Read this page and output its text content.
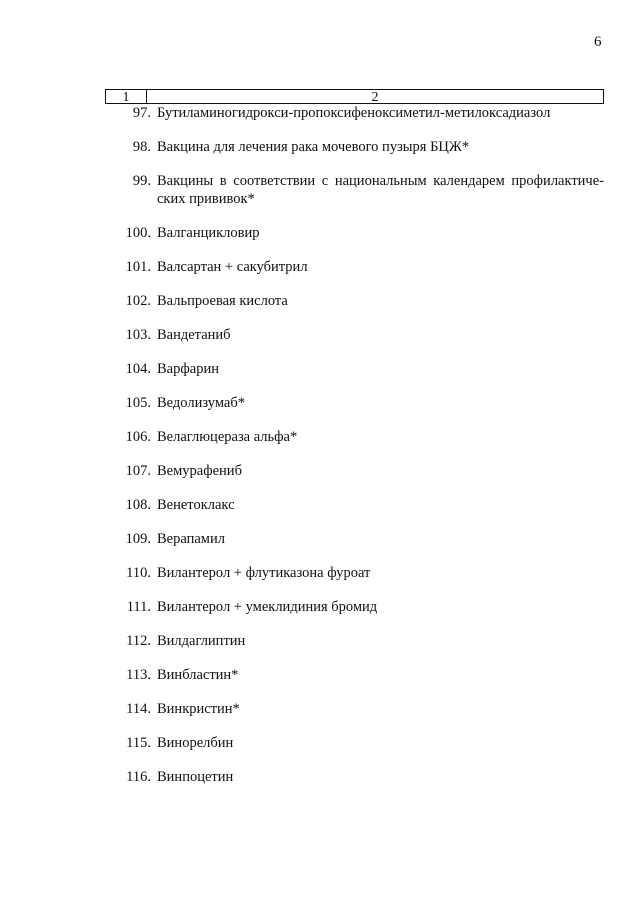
6
1	2
97. Бутиламиногидрокси-пропоксифеноксиметил-метилоксадиазол
98. Вакцина для лечения рака мочевого пузыря БЦЖ*
99. Вакцины в соответствии с национальным календарем профилактиче-ских прививок*
100. Валганцикловир
101. Валсартан + сакубитрил
102. Вальпроевая кислота
103. Вандетаниб
104. Варфарин
105. Ведолизумаб*
106. Велаглюцераза альфа*
107. Вемурафениб
108. Венетоклакс
109. Верапамил
110. Вилантерол + флутиказона фуроат
111. Вилантерол + умеклидиния бромид
112. Вилдаглиптин
113. Винбластин*
114. Винкристин*
115. Винорелбин
116. Винпоцетин
